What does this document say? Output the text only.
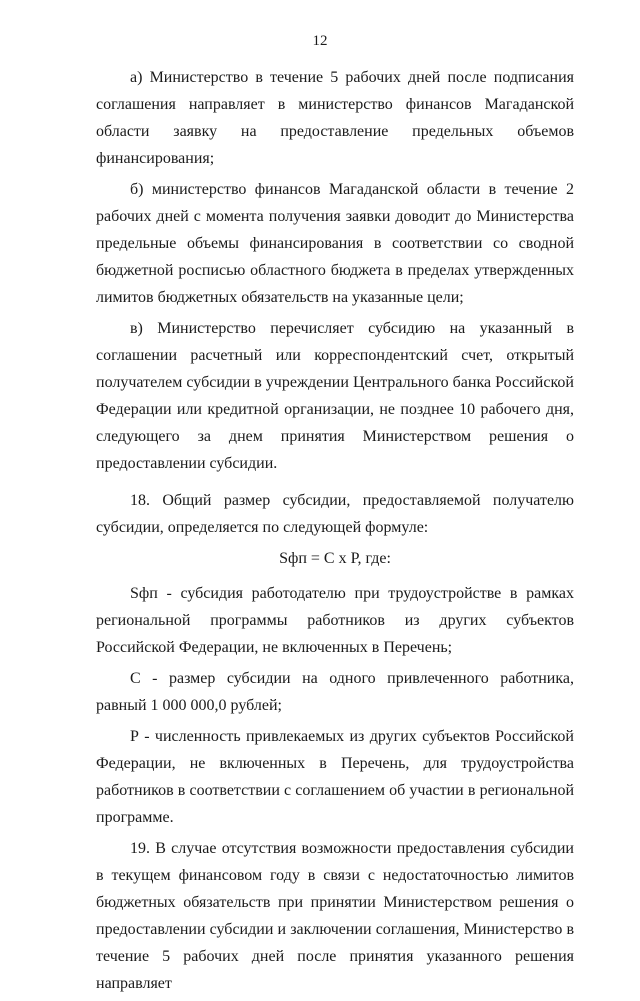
12

а) Министерство в течение 5 рабочих дней после подписания соглашения направляет в министерство финансов Магаданской области заявку на предоставление предельных объемов финансирования;

б) министерство финансов Магаданской области в течение 2 рабочих дней с момента получения заявки доводит до Министерства предельные объемы финансирования в соответствии со сводной бюджетной росписью областного бюджета в пределах утвержденных лимитов бюджетных обязательств на указанные цели;

в) Министерство перечисляет субсидию на указанный в соглашении расчетный или корреспондентский счет, открытый получателем субсидии в учреждении Центрального банка Российской Федерации или кредитной организации, не позднее 10 рабочего дня, следующего за днем принятия Министерством решения о предоставлении субсидии.

18. Общий размер субсидии, предоставляемой получателю субсидии, определяется по следующей формуле:

Sфп = С х Р, где:

Sфп - субсидия работодателю при трудоустройстве в рамках региональной программы работников из других субъектов Российской Федерации, не включенных в Перечень;

С - размер субсидии на одного привлеченного работника, равный 1 000 000,0 рублей;

Р - численность привлекаемых из других субъектов Российской Федерации, не включенных в Перечень, для трудоустройства работников в соответствии с соглашением об участии в региональной программе.

19. В случае отсутствия возможности предоставления субсидии в текущем финансовом году в связи с недостаточностью лимитов бюджетных обязательств при принятии Министерством решения о предоставлении субсидии и заключении соглашения, Министерство в течение 5 рабочих дней после принятия указанного решения направляет
